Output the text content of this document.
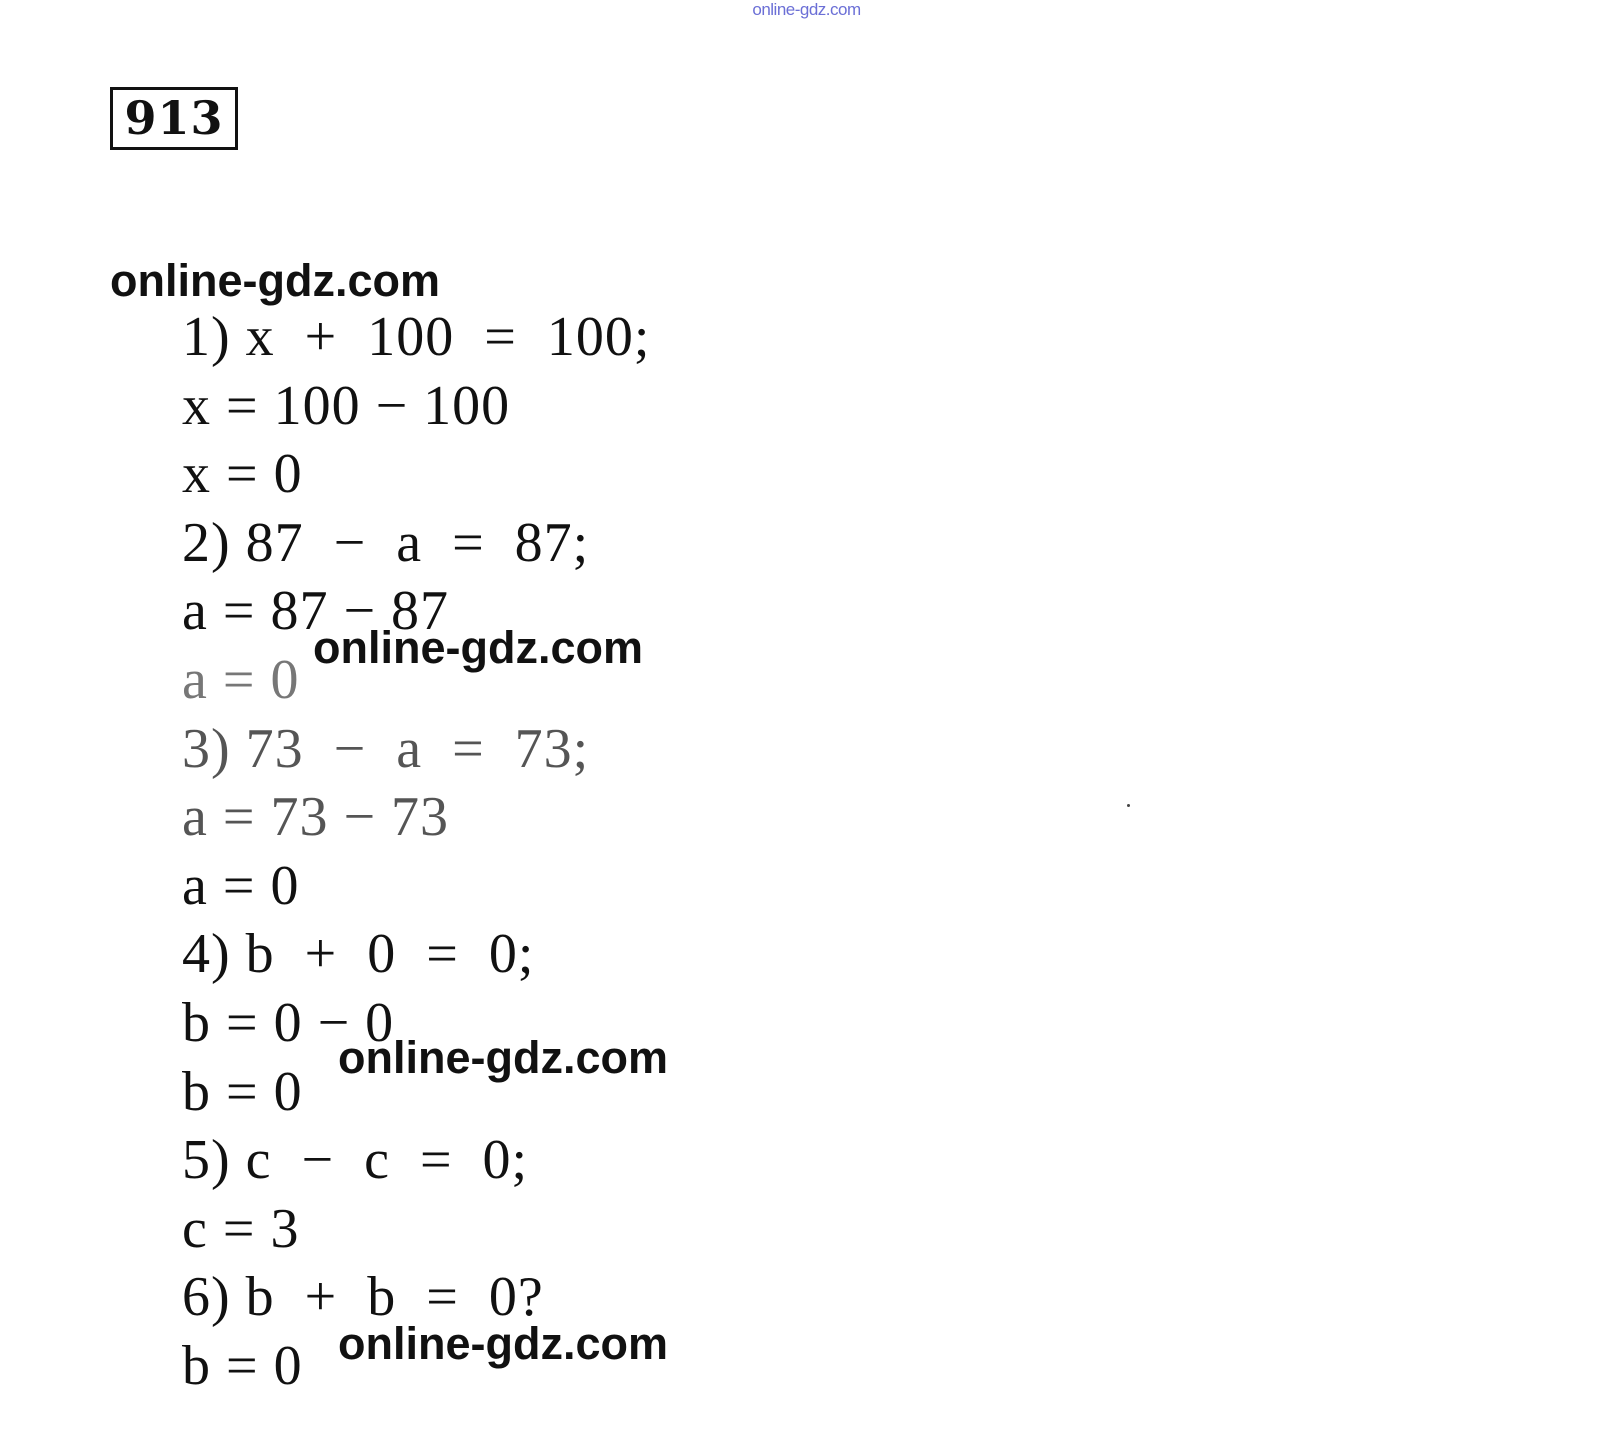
online-gdz.com
913
online-gdz.com
online-gdz.com
online-gdz.com
online-gdz.com
1) x  +  100  =  100;
x = 100 − 100
x = 0
2) 87  −  a  =  87;
a = 87 − 87
a = 0
3) 73  −  a  =  73;
a = 73 − 73
a = 0
4) b  +  0  =  0;
b = 0 − 0
b = 0
5) c  −  c  =  0;
c = 3
6) b  +  b  =  0?
b = 0
